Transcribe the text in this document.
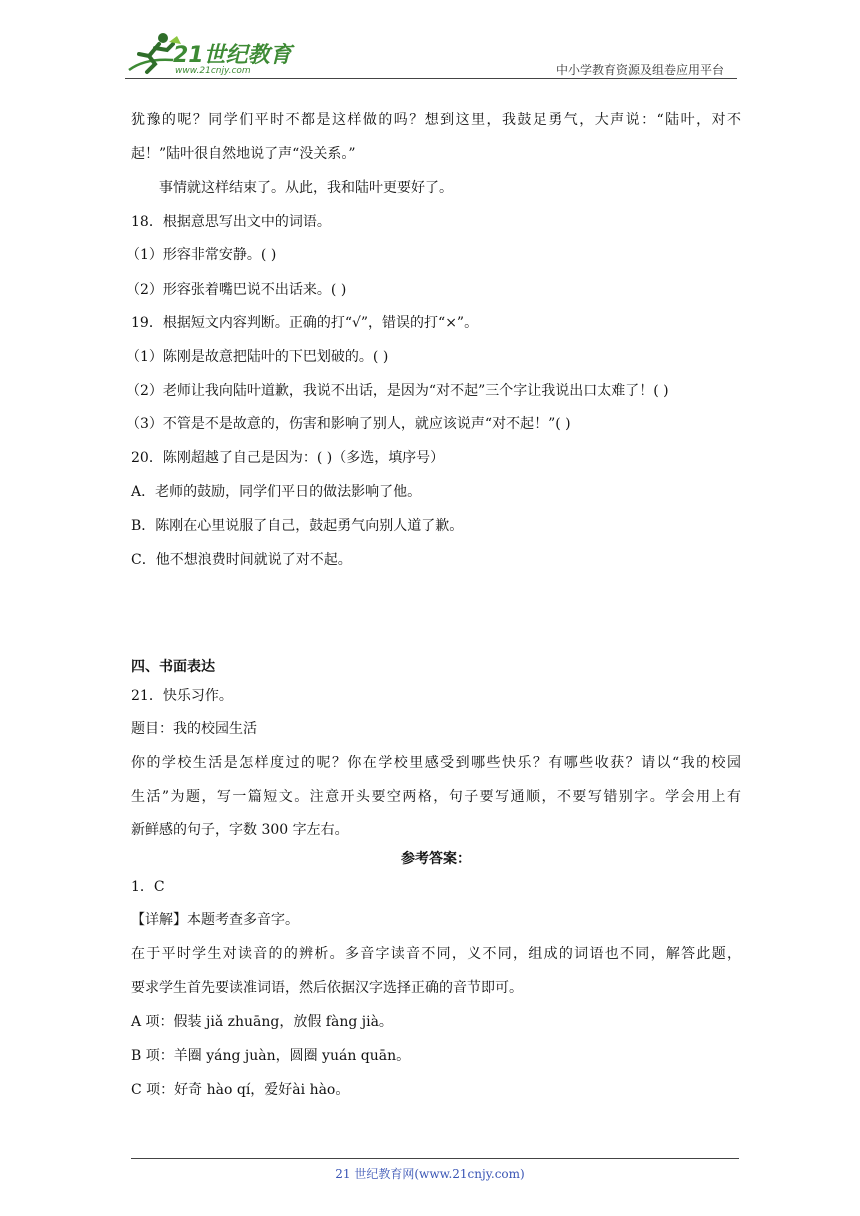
21世纪教育
www.21cnjy.com	中小学教育资源及组卷应用平台
犹豫的呢？同学们平时不都是这样做的吗？想到这里，我鼓足勇气，大声说：“陆叶，对不
起！”陆叶很自然地说了声“没关系。”
事情就这样结束了。从此，我和陆叶更要好了。
18．根据意思写出文中的词语。
（1）形容非常安静。( )
（2）形容张着嘴巴说不出话来。( )
19．根据短文内容判断。正确的打“√”，错误的打“×”。
（1）陈刚是故意把陆叶的下巴划破的。( )
（2）老师让我向陆叶道歉，我说不出话，是因为“对不起”三个字让我说出口太难了！( )
（3）不管是不是故意的，伤害和影响了别人，就应该说声“对不起！”( )
20．陈刚超越了自己是因为：( )（多选，填序号）
A．老师的鼓励，同学们平日的做法影响了他。
B．陈刚在心里说服了自己，鼓起勇气向别人道了歉。
C．他不想浪费时间就说了对不起。
四、书面表达
21．快乐习作。
题目：我的校园生活
你的学校生活是怎样度过的呢？你在学校里感受到哪些快乐？有哪些收获？请以“我的校园
生活”为题，写一篇短文。注意开头要空两格，句子要写通顺，不要写错别字。学会用上有
新鲜感的句子，字数 300 字左右。
参考答案：
1．C
【详解】本题考查多音字。
在于平时学生对读音的的辨析。多音字读音不同，义不同，组成的词语也不同，解答此题，
要求学生首先要读准词语，然后依据汉字选择正确的音节即可。
A 项：假装 jiǎ zhuāng，放假 fàng jià。
B 项：羊圈 yáng juàn，圆圈 yuán quān。
C 项：好奇 hào qí，爱好ài hào。
21 世纪教育网(www.21cnjy.com)
